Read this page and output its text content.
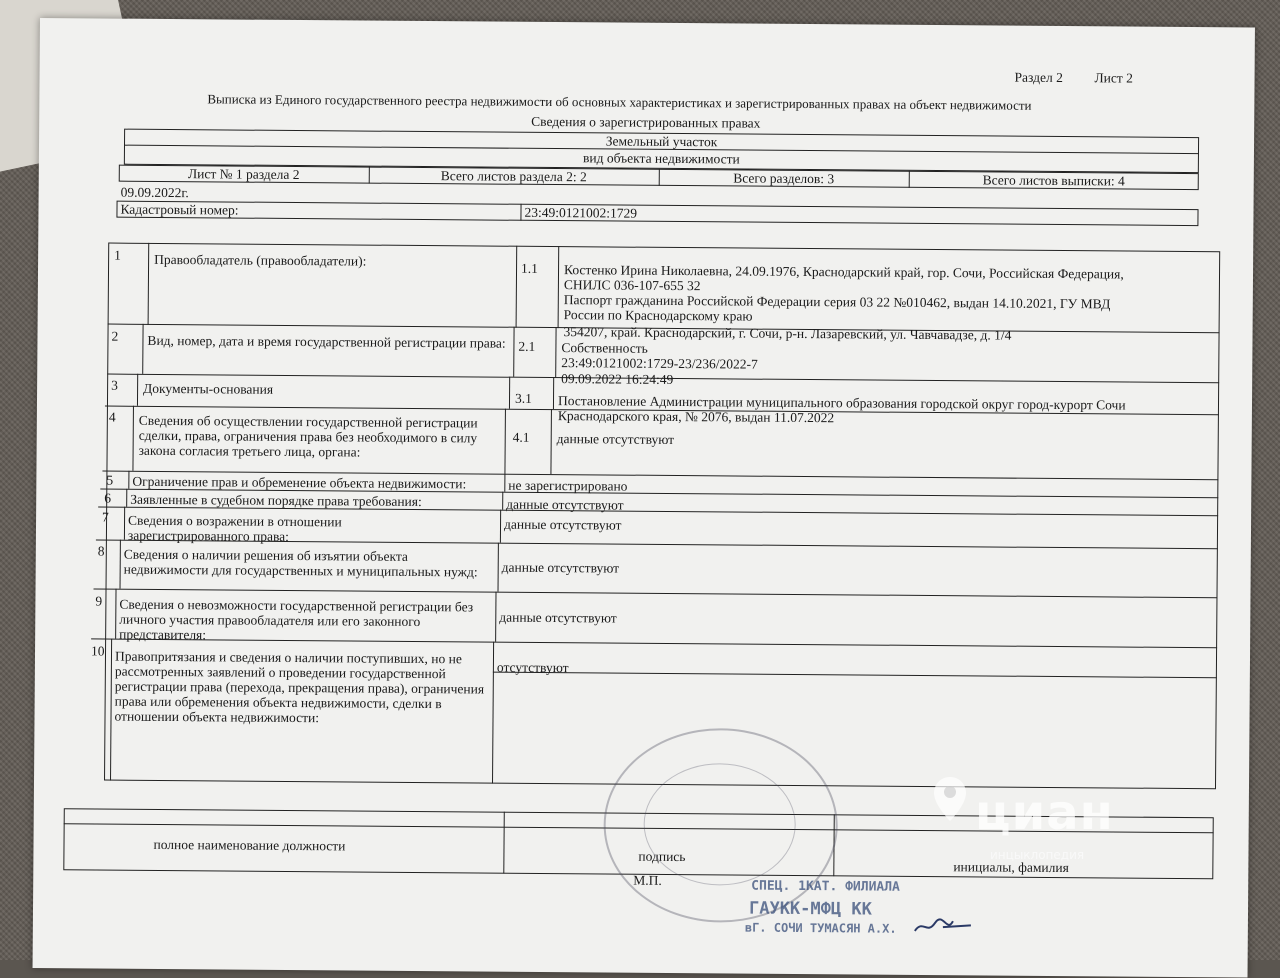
Раздел 2 Лист 2
Выписка из Единого государственного реестра недвижимости об основных характеристиках и зарегистрированных правах на объект недвижимости
Сведения о зарегистрированных правах
Земельный участок
вид объекта недвижимости
Лист № 1 раздела 2	Всего листов раздела 2: 2	Всего разделов: 3	Всего листов выписки: 4
09.09.2022г.
Кадастровый номер:	23:49:0121002:1729
1 Правообладатель (правообладатели):	1.1 Костенко Ирина Николаевна, 24.09.1976, Краснодарский край, гор. Сочи, Российская Федерация,
СНИЛС 036-107-655 32
Паспорт гражданина Российской Федерации серия 03 22 №010462, выдан 14.10.2021, ГУ МВД
России по Краснодарскому краю
354207, край. Краснодарский, г. Сочи, р-н. Лазаревский, ул. Чавчавадзе, д. 1/4
2 Вид, номер, дата и время государственной регистрации права: 2.1 Собственность
23:49:0121002:1729-23/236/2022-7
09.09.2022 16:24:49
3 Документы-основания
3.1 Постановление Администрации муниципального образования городской округ город-курорт Сочи
Краснодарского края, № 2076, выдан 11.07.2022
4 Сведения об осуществлении государственной регистрации сделки, права, ограничения права без необходимого в силу закона согласия третьего лица, органа:
4.1 данные отсутствуют
5 Ограничение прав и обременение объекта недвижимости:	не зарегистрировано
6 Заявленные в судебном порядке права требования:	данные отсутствуют
7 Сведения о возражении в отношении зарегистрированного права:
данные отсутствуют
8 Сведения о наличии решения об изъятии объекта недвижимости для государственных и муниципальных нужд:	данные отсутствуют
9 Сведения о невозможности государственной регистрации без личного участия правообладателя или его законного представителя:
данные отсутствуют
10 Правопритязания и сведения о наличии поступивших, но не рассмотренных заявлений о проведении государственной регистрации права (перехода, прекращения права), ограничения права или обременения объекта недвижимости, сделки в отношении объекта недвижимости:
отсутствуют
полное наименование должности
подпись
инициалы, фамилия
М.П.	СПЕЦ. 1КАТ. ФИЛИАЛА
ГАУКК-МФЦ КК
вГ. СОЧИ ТУМАСЯН А.Х.
циан
инцыклопедия
